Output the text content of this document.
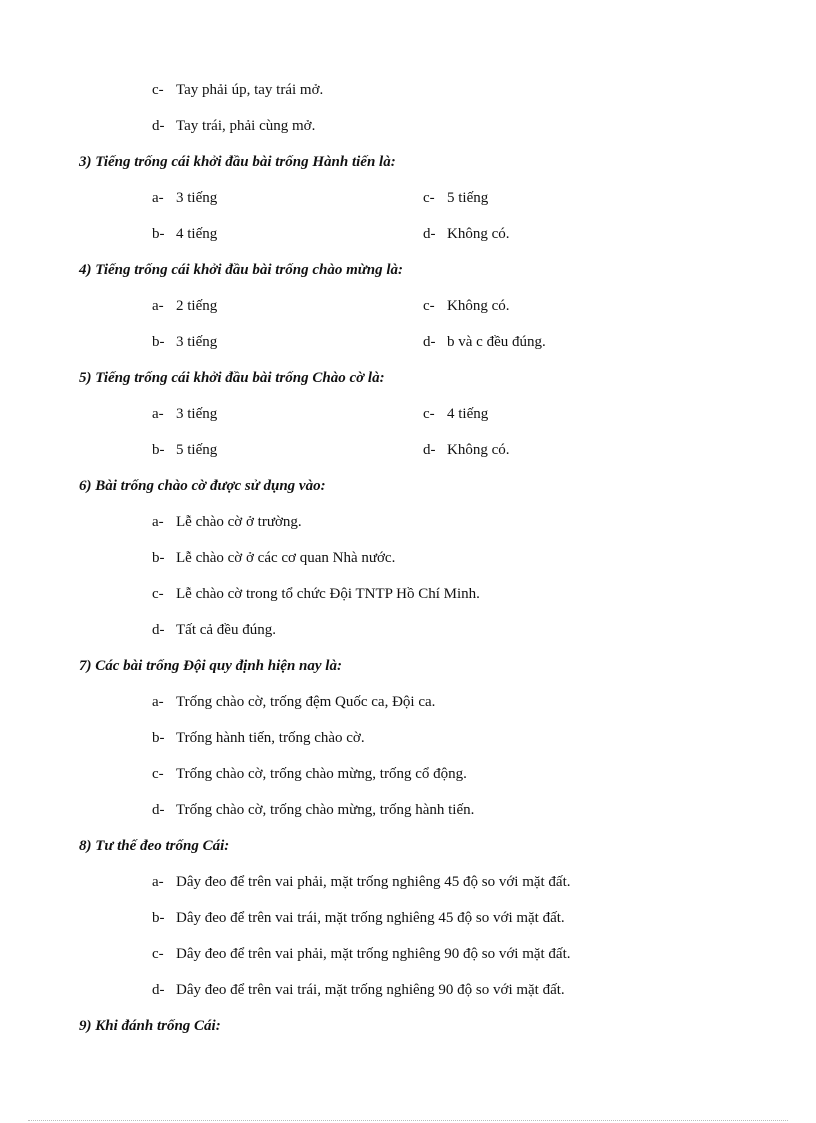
c- Tay phải úp, tay trái mở.
d- Tay trái, phải cùng mở.
3) Tiếng trống cái khởi đầu bài trống Hành tiến là:
a- 3 tiếng	c- 5 tiếng
b- 4 tiếng	d- Không có.
4) Tiếng trống cái khởi đầu bài trống chào mừng là:
a- 2 tiếng	c- Không có.
b- 3 tiếng	d- b và c đều đúng.
5) Tiếng trống cái khởi đầu bài trống Chào cờ là:
a- 3 tiếng	c- 4 tiếng
b- 5 tiếng	d- Không có.
6) Bài trống chào cờ được sử dụng vào:
a- Lễ chào cờ ở trường.
b- Lễ chào cờ ở các cơ quan Nhà nước.
c- Lễ chào cờ trong tổ chức Đội TNTP Hồ Chí Minh.
d- Tất cả đều đúng.
7) Các bài trống Đội quy định hiện nay là:
a- Trống chào cờ, trống đệm Quốc ca, Đội ca.
b- Trống hành tiến, trống chào cờ.
c- Trống chào cờ, trống chào mừng, trống cổ động.
d- Trống chào cờ, trống chào mừng, trống hành tiến.
8) Tư thế đeo trống Cái:
a- Dây đeo để trên vai phải, mặt trống nghiêng 45 độ so với mặt đất.
b- Dây đeo để trên vai trái, mặt trống nghiêng 45 độ so với mặt đất.
c- Dây đeo để trên vai phải, mặt trống nghiêng 90 độ so với mặt đất.
d- Dây đeo để trên vai trái, mặt trống nghiêng 90 độ so với mặt đất.
9) Khi đánh trống Cái:
